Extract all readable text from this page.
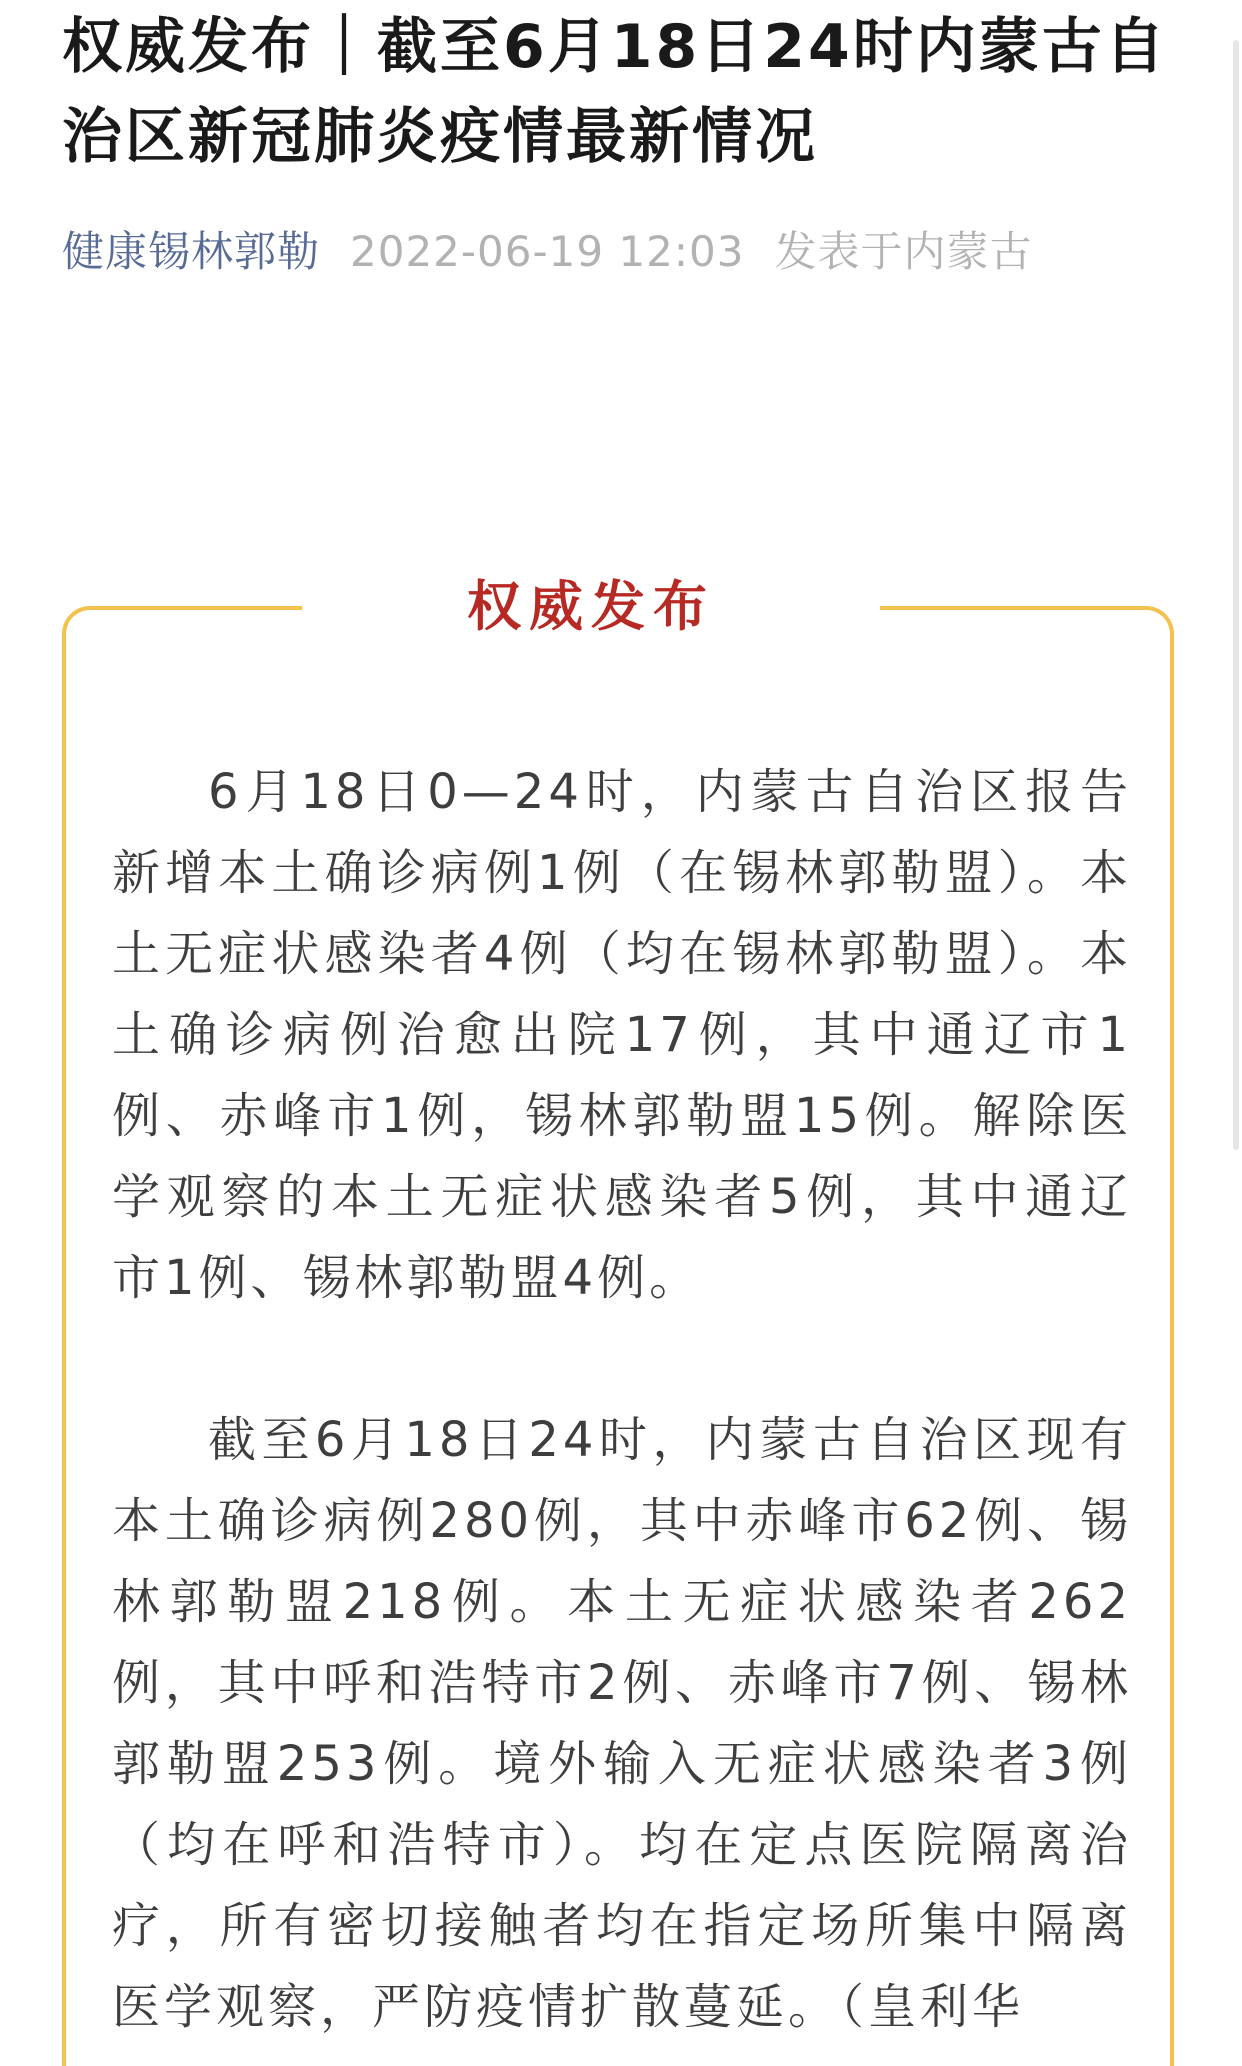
权威发布｜截至6月18日24时内蒙古自治区新冠肺炎疫情最新情况
健康锡林郭勒 2022-06-19 12:03 发表于内蒙古
权威发布

6月18日0—24时，内蒙古自治区报告新增本土确诊病例1例（在锡林郭勒盟）。本土无症状感染者4例（均在锡林郭勒盟）。本土确诊病例治愈出院17例，其中通辽市1例、赤峰市1例，锡林郭勒盟15例。解除医学观察的本土无症状感染者5例，其中通辽市1例、锡林郭勒盟4例。

截至6月18日24时，内蒙古自治区现有本土确诊病例280例，其中赤峰市62例、锡林郭勒盟218例。本土无症状感染者262例，其中呼和浩特市2例、赤峰市7例、锡林郭勒盟253例。境外输入无症状感染者3例（均在呼和浩特市）。均在定点医院隔离治疗，所有密切接触者均在指定场所集中隔离医学观察，严防疫情扩散蔓延。（皇利华
